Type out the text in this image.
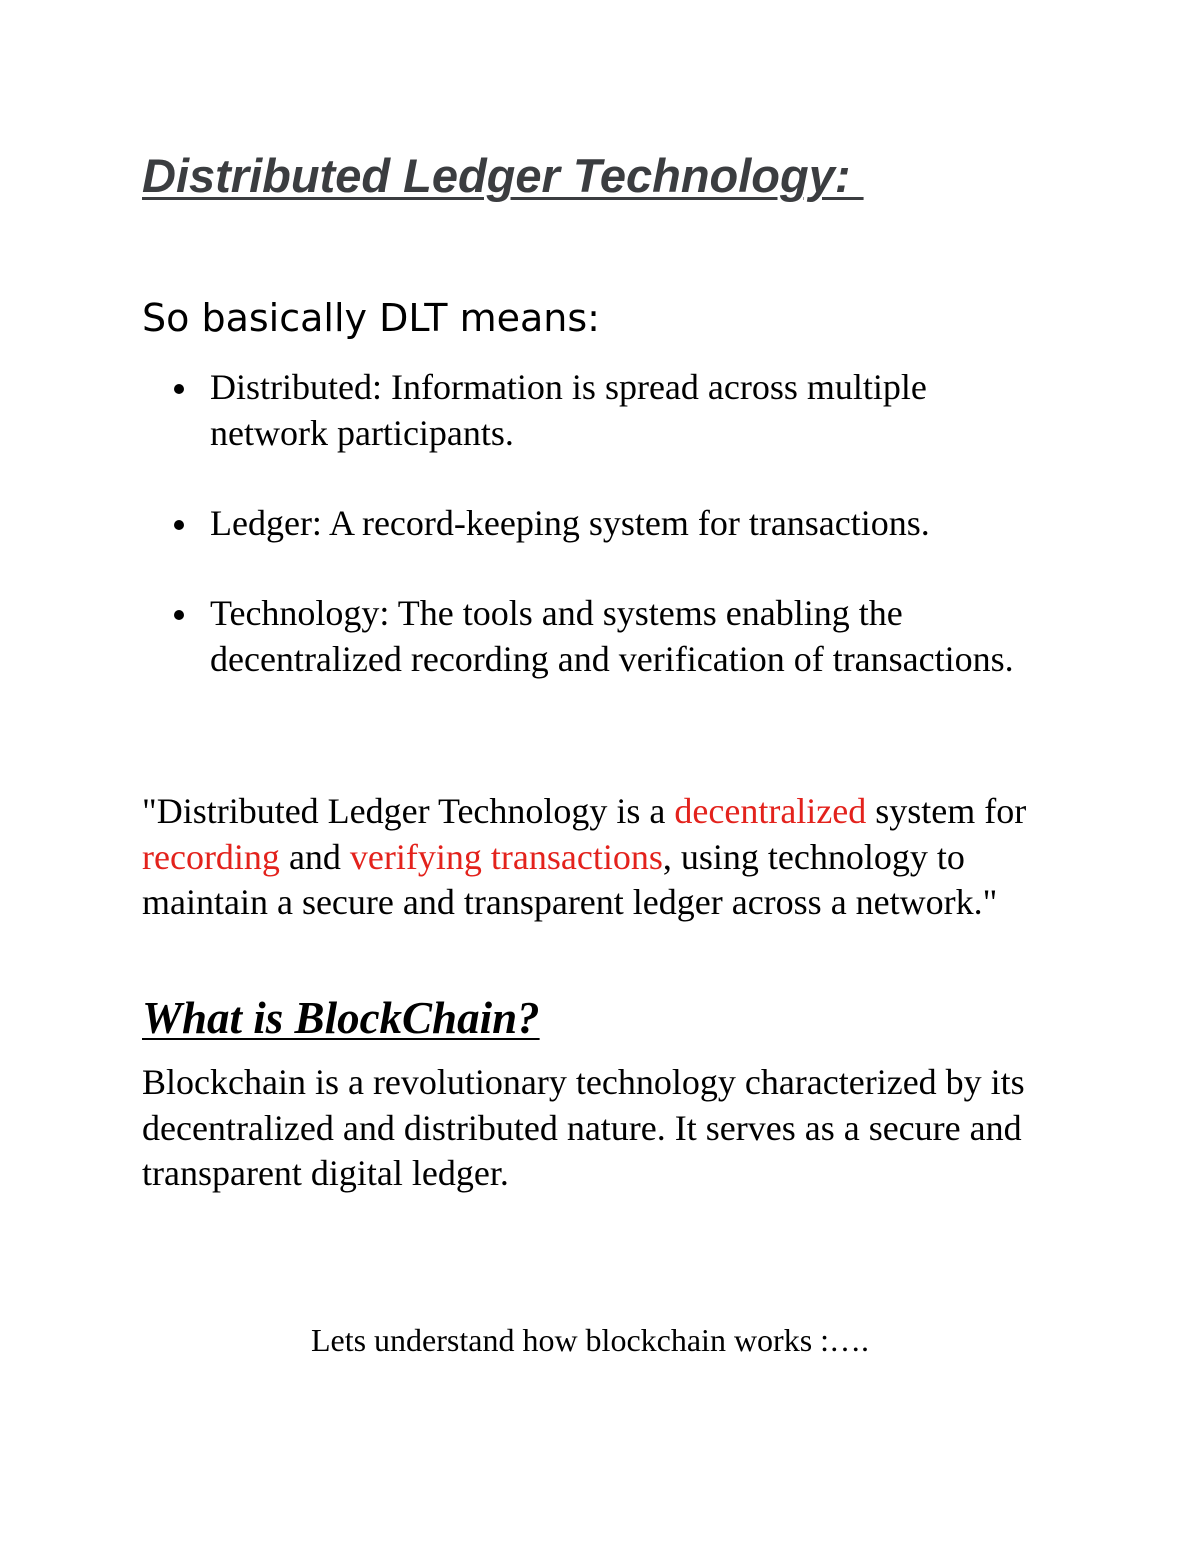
Distributed Ledger Technology:
So basically DLT means:
Distributed: Information is spread across multiple network participants.
Ledger: A record-keeping system for transactions.
Technology: The tools and systems enabling the decentralized recording and verification of transactions.

"Distributed Ledger Technology is a decentralized system for recording and verifying transactions, using technology to maintain a secure and transparent ledger across a network."

What is BlockChain?

Blockchain is a revolutionary technology characterized by its decentralized and distributed nature. It serves as a secure and transparent digital ledger.

Lets understand how blockchain works :….
